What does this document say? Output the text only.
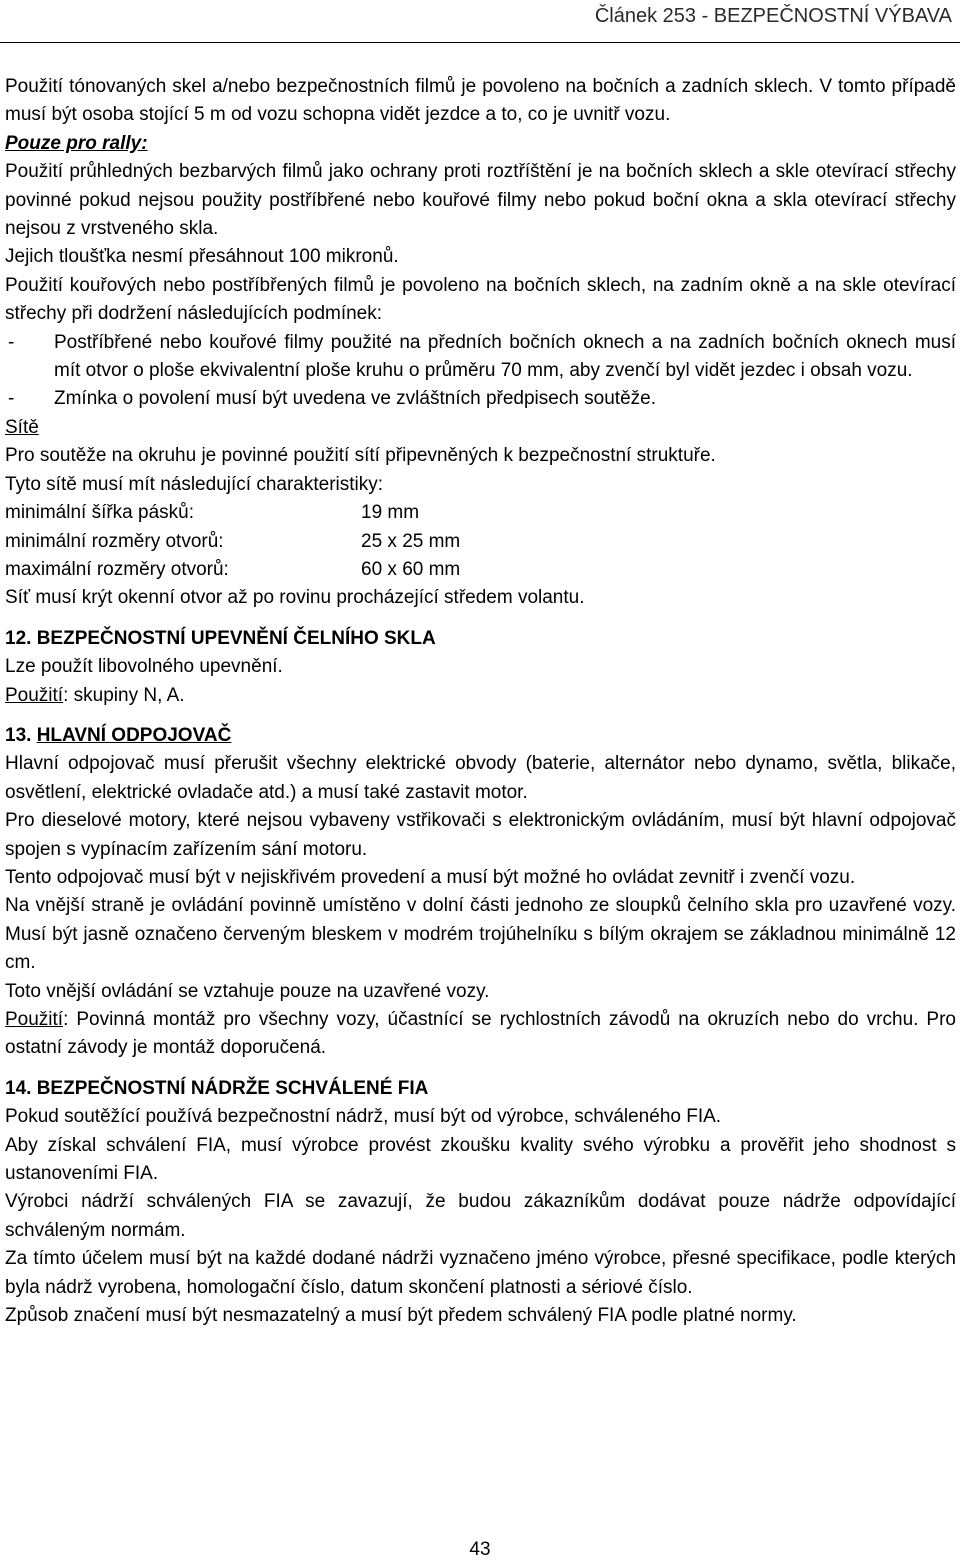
Článek 253 - BEZPEČNOSTNÍ VÝBAVA

Použití tónovaných skel a/nebo bezpečnostních filmů je povoleno na bočních a zadních sklech. V tomto případě musí být osoba stojící 5 m od vozu schopna vidět jezdce a to, co je uvnitř vozu.

Pouze pro rally:

Použití průhledných bezbarvých filmů jako ochrany proti roztříštění je na bočních sklech a skle otevírací střechy povinné pokud nejsou použity postříbřené nebo kouřové filmy nebo pokud boční okna a skla otevírací střechy nejsou z vrstveného skla.

Jejich tloušťka nesmí přesáhnout 100 mikronů.

Použití kouřových nebo postříbřených filmů je povoleno na bočních sklech, na zadním okně a na skle otevírací střechy při dodržení následujících podmínek:

-	Postříbřené nebo kouřové filmy použité na předních bočních oknech a na zadních bočních oknech musí mít otvor o ploše ekvivalentní ploše kruhu o průměru 70 mm, aby zvenčí byl vidět jezdec i obsah vozu.
-	Zmínka o povolení musí být uvedena ve zvláštních předpisech soutěže.

Sítě

Pro soutěže na okruhu je povinné použití sítí připevněných k bezpečnostní struktuře.

Tyto sítě musí mít následující charakteristiky:

minimální šířka pásků:	19 mm
minimální rozměry otvorů:	25 x 25 mm
maximální rozměry otvorů:	60 x 60 mm

Síť musí krýt okenní otvor až po rovinu procházející středem volantu.

12. BEZPEČNOSTNÍ UPEVNĚNÍ ČELNÍHO SKLA

Lze použít libovolného upevnění.

Použití: skupiny N, A.

13. HLAVNÍ ODPOJOVAČ

Hlavní odpojovač musí přerušit všechny elektrické obvody (baterie, alternátor nebo dynamo, světla, blikače, osvětlení, elektrické ovladače atd.) a musí také zastavit motor.

Pro dieselové motory, které nejsou vybaveny vstřikovači s elektronickým ovládáním, musí být hlavní odpojovač spojen s vypínacím zařízením sání motoru.

Tento odpojovač musí být v nejiskřivém provedení a musí být možné ho ovládat zevnitř i zvenčí vozu.

Na vnější straně je ovládání povinně umístěno v dolní části jednoho ze sloupků čelního skla pro uzavřené vozy. Musí být jasně označeno červeným bleskem v modrém trojúhelníku s bílým okrajem se základnou minimálně 12 cm.

Toto vnější ovládání se vztahuje pouze na uzavřené vozy.

Použití: Povinná montáž pro všechny vozy, účastnící se rychlostních závodů na okruzích nebo do vrchu. Pro ostatní závody je montáž doporučená.

14. BEZPEČNOSTNÍ NÁDRŽE SCHVÁLENÉ FIA

Pokud soutěžící používá bezpečnostní nádrž, musí být od výrobce, schváleného FIA.

Aby získal schválení FIA, musí výrobce provést zkoušku kvality svého výrobku a prověřit jeho shodnost s ustanoveními FIA.

Výrobci nádrží schválených FIA se zavazují, že budou zákazníkům dodávat pouze nádrže odpovídající schváleným normám.

Za tímto účelem musí být na každé dodané nádrži vyznačeno jméno výrobce, přesné specifikace, podle kterých byla nádrž vyrobena, homologační číslo, datum skončení platnosti a sériové číslo.

Způsob značení musí být nesmazatelný a musí být předem schválený FIA podle platné normy.

43
